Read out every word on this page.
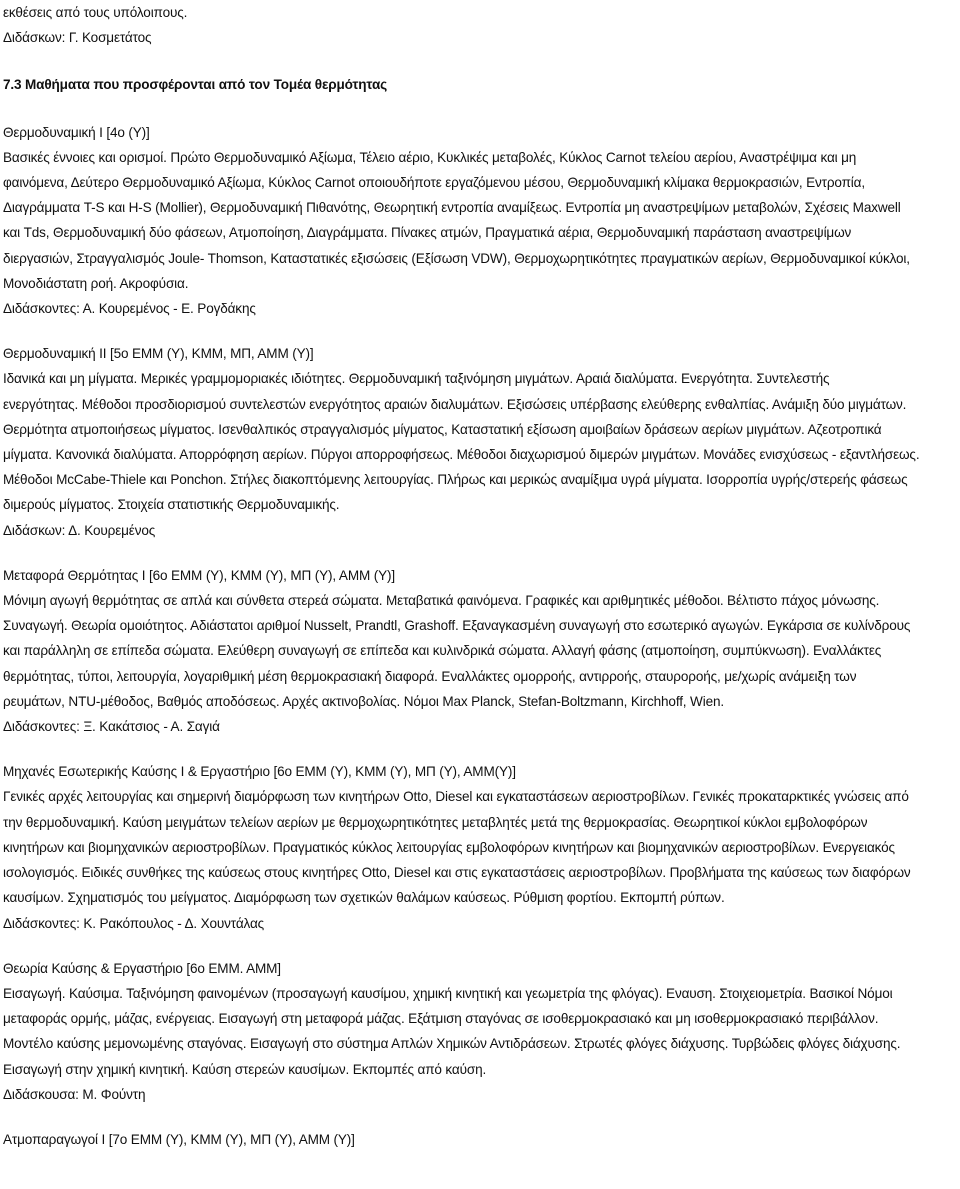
εκθέσεις από τους υπόλοιπους.

Διδάσκων: Γ. Κοσμετάτος

7.3 Μαθήματα που προσφέρονται από τον Τομέα θερμότητας

Θερμοδυναμική Ι [4ο (Υ)]

Βασικές έννοιες και ορισμοί. Πρώτο Θερμοδυναμικό Αξίωμα, Τέλειο αέριο, Κυκλικές μεταβολές, Κύκλος Carnot τελείου αερίου, Αναστρέψιμα και μη

φαινόμενα, Δεύτερο Θερμοδυναμικό Αξίωμα, Κύκλος Carnot οποιουδήποτε εργαζόμενου μέσου, Θερμοδυναμική κλίμακα θερμοκρασιών, Εντροπία,

Διαγράμματα T-S και H-S (Mollier), Θερμοδυναμική Πιθανότης, Θεωρητική εντροπία αναμίξεως. Εντροπία μη αναστρεψίμων μεταβολών, Σχέσεις Maxwell

και Tds, Θερμοδυναμική δύο φάσεων, Ατμοποίηση, Διαγράμματα. Πίνακες ατμών, Πραγματικά αέρια, Θερμοδυναμική παράσταση αναστρεψίμων

διεργασιών, Στραγγαλισμός Joule- Thomson, Καταστατικές εξισώσεις (Εξίσωση VDW), Θερμοχωρητικότητες πραγματικών αερίων, Θερμοδυναμικοί κύκλοι,

Μονοδιάστατη ροή. Ακροφύσια.

Διδάσκοντες: Α. Κουρεμένος - Ε. Ρογδάκης

Θερμοδυναμική ΙΙ [5ο ΕΜΜ (Υ), ΚΜΜ, ΜΠ, ΑΜΜ (Υ)]

Ιδανικά και μη μίγματα. Μερικές γραμμομοριακές ιδιότητες. Θερμοδυναμική ταξινόμηση μιγμάτων. Αραιά διαλύματα. Ενεργότητα. Συντελεστής

ενεργότητας. Μέθοδοι προσδιορισμού συντελεστών ενεργότητος αραιών διαλυμάτων. Εξισώσεις υπέρβασης ελεύθερης ενθαλπίας. Ανάμιξη δύο μιγμάτων.

Θερμότητα ατμοποιήσεως μίγματος. Ισενθαλπικός στραγγαλισμός μίγματος, Καταστατική εξίσωση αμοιβαίων δράσεων αερίων μιγμάτων. Αζεοτροπικά

μίγματα. Κανονικά διαλύματα. Απορρόφηση αερίων. Πύργοι απορροφήσεως. Μέθοδοι διαχωρισμού διμερών μιγμάτων. Μονάδες ενισχύσεως - εξαντλήσεως.

Μέθοδοι McCabe-Thiele και Ponchon. Στήλες διακοπτόμενης λειτουργίας. Πλήρως και μερικώς αναμίξιμα υγρά μίγματα. Ισορροπία υγρής/στερεής φάσεως

διμερούς μίγματος. Στοιχεία στατιστικής Θερμοδυναμικής.

Διδάσκων: Δ. Κουρεμένος

Μεταφορά Θερμότητας Ι [6ο ΕΜΜ (Υ), ΚΜΜ (Υ), ΜΠ (Υ), ΑΜΜ (Υ)]

Μόνιμη αγωγή θερμότητας σε απλά και σύνθετα στερεά σώματα. Μεταβατικά φαινόμενα. Γραφικές και αριθμητικές μέθοδοι. Βέλτιστο πάχος μόνωσης.

Συναγωγή. Θεωρία ομοιότητος. Αδιάστατοι αριθμοί Nusselt, Prandtl, Grashoff. Εξαναγκασμένη συναγωγή στο εσωτερικό αγωγών. Εγκάρσια σε κυλίνδρους

και παράλληλη σε επίπεδα σώματα. Ελεύθερη συναγωγή σε επίπεδα και κυλινδρικά σώματα. Αλλαγή φάσης (ατμοποίηση, συμπύκνωση). Εναλλάκτες

θερμότητας, τύποι, λειτουργία, λογαριθμική μέση θερμοκρασιακή διαφορά. Εναλλάκτες ομορροής, αντιρροής, σταυροροής, με/χωρίς ανάμειξη των

ρευμάτων, NTU-μέθοδος, Βαθμός αποδόσεως. Αρχές ακτινοβολίας. Νόμοι Max Planck, Stefan-Boltzmann, Kirchhoff, Wien.

Διδάσκοντες: Ξ. Κακάτσιος - Α. Σαγιά

Μηχανές Εσωτερικής Καύσης Ι & Εργαστήριο [6ο ΕΜΜ (Υ), ΚΜΜ (Υ), ΜΠ (Υ), ΑΜΜ(Υ)]

Γενικές αρχές λειτουργίας και σημερινή διαμόρφωση των κινητήρων Otto, Diesel και εγκαταστάσεων αεριοστροβίλων. Γενικές προκαταρκτικές γνώσεις από

την θερμοδυναμική. Καύση μειγμάτων τελείων αερίων με θερμοχωρητικότητες μεταβλητές μετά της θερμοκρασίας. Θεωρητικοί κύκλοι εμβολοφόρων

κινητήρων και βιομηχανικών αεριοστροβίλων. Πραγματικός κύκλος λειτουργίας εμβολοφόρων κινητήρων και βιομηχανικών αεριοστροβίλων. Ενεργειακός

ισολογισμός. Ειδικές συνθήκες της καύσεως στους κινητήρες Otto, Diesel και στις εγκαταστάσεις αεριοστροβίλων. Προβλήματα της καύσεως των διαφόρων

καυσίμων. Σχηματισμός του μείγματος. Διαμόρφωση των σχετικών θαλάμων καύσεως. Ρύθμιση φορτίου. Εκπομπή ρύπων.

Διδάσκοντες: Κ. Ρακόπουλος - Δ. Χουντάλας

Θεωρία Καύσης & Εργαστήριο [6ο ΕΜΜ. ΑΜΜ]

Εισαγωγή. Καύσιμα. Ταξινόμηση φαινομένων (προσαγωγή καυσίμου, χημική κινητική και γεωμετρία της φλόγας). Εναυση. Στοιχειομετρία. Βασικοί Νόμοι

μεταφοράς ορμής, μάζας, ενέργειας. Εισαγωγή στη μεταφορά μάζας. Εξάτμιση σταγόνας σε ισοθερμοκρασιακό και μη ισοθερμοκρασιακό περιβάλλον.

Μοντέλο καύσης μεμονωμένης σταγόνας. Εισαγωγή στο σύστημα Απλών Χημικών Αντιδράσεων. Στρωτές φλόγες διάχυσης. Τυρβώδεις φλόγες διάχυσης.

Εισαγωγή στην χημική κινητική. Καύση στερεών καυσίμων. Εκπομπές από καύση.

Διδάσκουσα: Μ. Φούντη

Ατμοπαραγωγοί Ι [7ο ΕΜΜ (Υ), ΚΜΜ (Υ), ΜΠ (Υ), ΑΜΜ (Υ)]
